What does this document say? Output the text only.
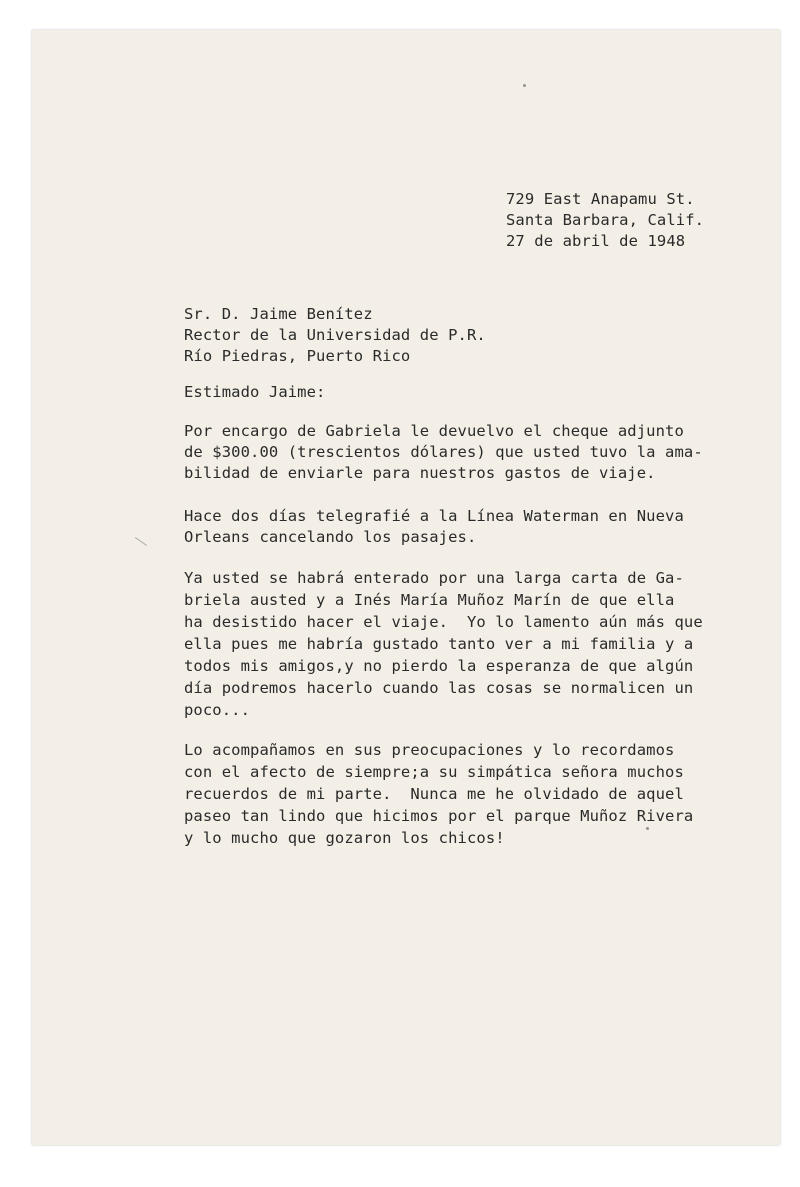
729 East Anapamu St.
Santa Barbara, Calif.
27 de abril de 1948
Sr. D. Jaime Benítez
Rector de la Universidad de P.R.
Río Piedras, Puerto Rico
Estimado Jaime:
Por encargo de Gabriela le devuelvo el cheque adjunto
de $300.00 (trescientos dólares) que usted tuvo la ama-
bilidad de enviarle para nuestros gastos de viaje.
Hace dos días telegrafié a la Línea Waterman en Nueva
Orleans cancelando los pasajes.
Ya usted se habrá enterado por una larga carta de Ga-
briela austed y a Inés María Muñoz Marín de que ella
ha desistido hacer el viaje.  Yo lo lamento aún más que
ella pues me habría gustado tanto ver a mi familia y a
todos mis amigos,y no pierdo la esperanza de que algún
día podremos hacerlo cuando las cosas se normalicen un
poco...
Lo acompañamos en sus preocupaciones y lo recordamos
con el afecto de siempre;a su simpática señora muchos
recuerdos de mi parte.  Nunca me he olvidado de aquel
paseo tan lindo que hicimos por el parque Muñoz Rivera
y lo mucho que gozaron los chicos!
